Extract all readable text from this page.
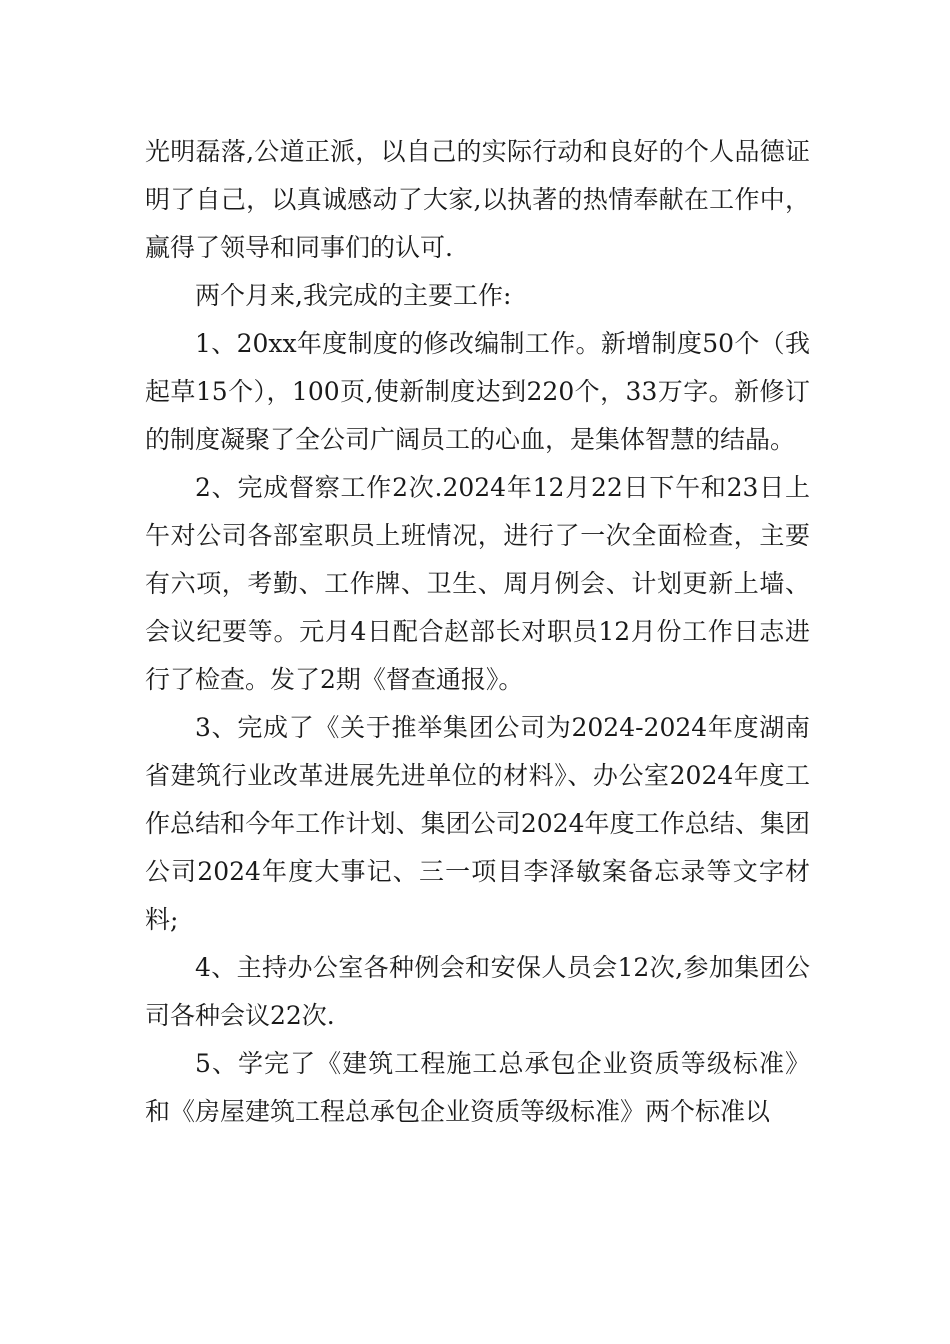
光明磊落,公道正派，以自己的实际行动和良好的个人品德证明了自己，以真诚感动了大家,以执著的热情奉献在工作中，赢得了领导和同事们的认可.

两个月来,我完成的主要工作:

1、20xx年度制度的修改编制工作。新增制度50个（我起草15个），100页,使新制度达到220个，33万字。新修订的制度凝聚了全公司广阔员工的心血，是集体智慧的结晶。

2、完成督察工作2次.2024年12月22日下午和23日上午对公司各部室职员上班情况，进行了一次全面检查，主要有六项，考勤、工作牌、卫生、周月例会、计划更新上墙、会议纪要等。元月4日配合赵部长对职员12月份工作日志进行了检查。发了2期《督查通报》。

3、完成了《关于推举集团公司为2024-2024年度湖南省建筑行业改革进展先进单位的材料》、办公室2024年度工作总结和今年工作计划、集团公司2024年度工作总结、集团公司2024年度大事记、三一项目李泽敏案备忘录等文字材料;

4、主持办公室各种例会和安保人员会12次,参加集团公司各种会议22次.

5、学完了《建筑工程施工总承包企业资质等级标准》和《房屋建筑工程总承包企业资质等级标准》两个标准以
